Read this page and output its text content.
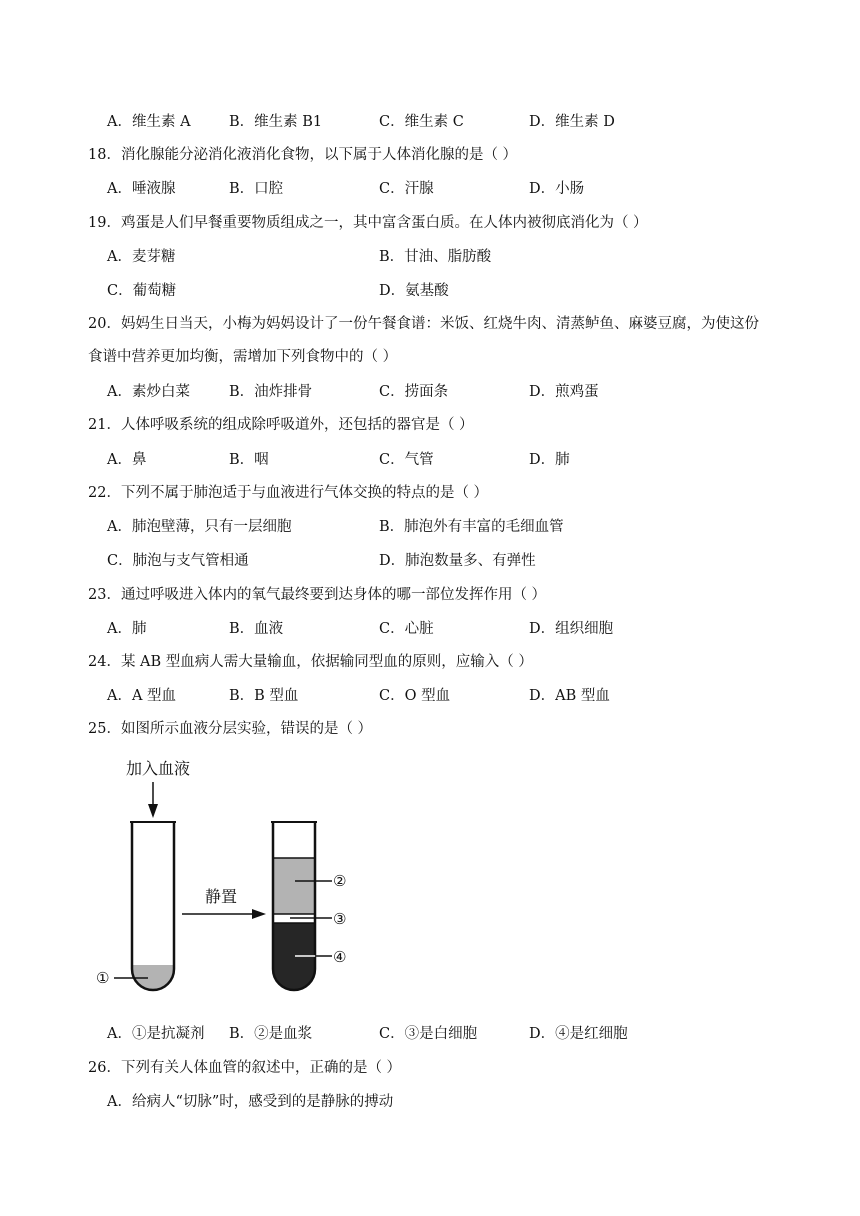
A．维生素 A	B．维生素 B1	C．维生素 C	D．维生素 D
18．消化腺能分泌消化液消化食物，以下属于人体消化腺的是（ ）
A．唾液腺	B．口腔	C．汗腺	D．小肠
19．鸡蛋是人们早餐重要物质组成之一，其中富含蛋白质。在人体内被彻底消化为（ ）
A．麦芽糖	B．甘油、脂肪酸
C．葡萄糖	D．氨基酸
20．妈妈生日当天，小梅为妈妈设计了一份午餐食谱：米饭、红烧牛肉、清蒸鲈鱼、麻婆豆腐，为使这份
食谱中营养更加均衡，需增加下列食物中的（ ）
A．素炒白菜	B．油炸排骨	C．捞面条	D．煎鸡蛋
21．人体呼吸系统的组成除呼吸道外，还包括的器官是（ ）
A．鼻	B．咽	C．气管	D．肺
22．下列不属于肺泡适于与血液进行气体交换的特点的是（ ）
A．肺泡壁薄，只有一层细胞	B．肺泡外有丰富的毛细血管
C．肺泡与支气管相通	D．肺泡数量多、有弹性
23．通过呼吸进入体内的氧气最终要到达身体的哪一部位发挥作用（ ）
A．肺	B．血液	C．心脏	D．组织细胞
24．某 AB 型血病人需大量输血，依据输同型血的原则，应输入（ ）
A．A 型血	B．B 型血	C．O 型血	D．AB 型血
25．如图所示血液分层实验，错误的是（ ）
加入血液
①
静置
②
③
④
A．①是抗凝剂 B．②是血浆	C．③是白细胞	D．④是红细胞
26．下列有关人体血管的叙述中，正确的是（ ）
A．给病人“切脉”时，感受到的是静脉的搏动
